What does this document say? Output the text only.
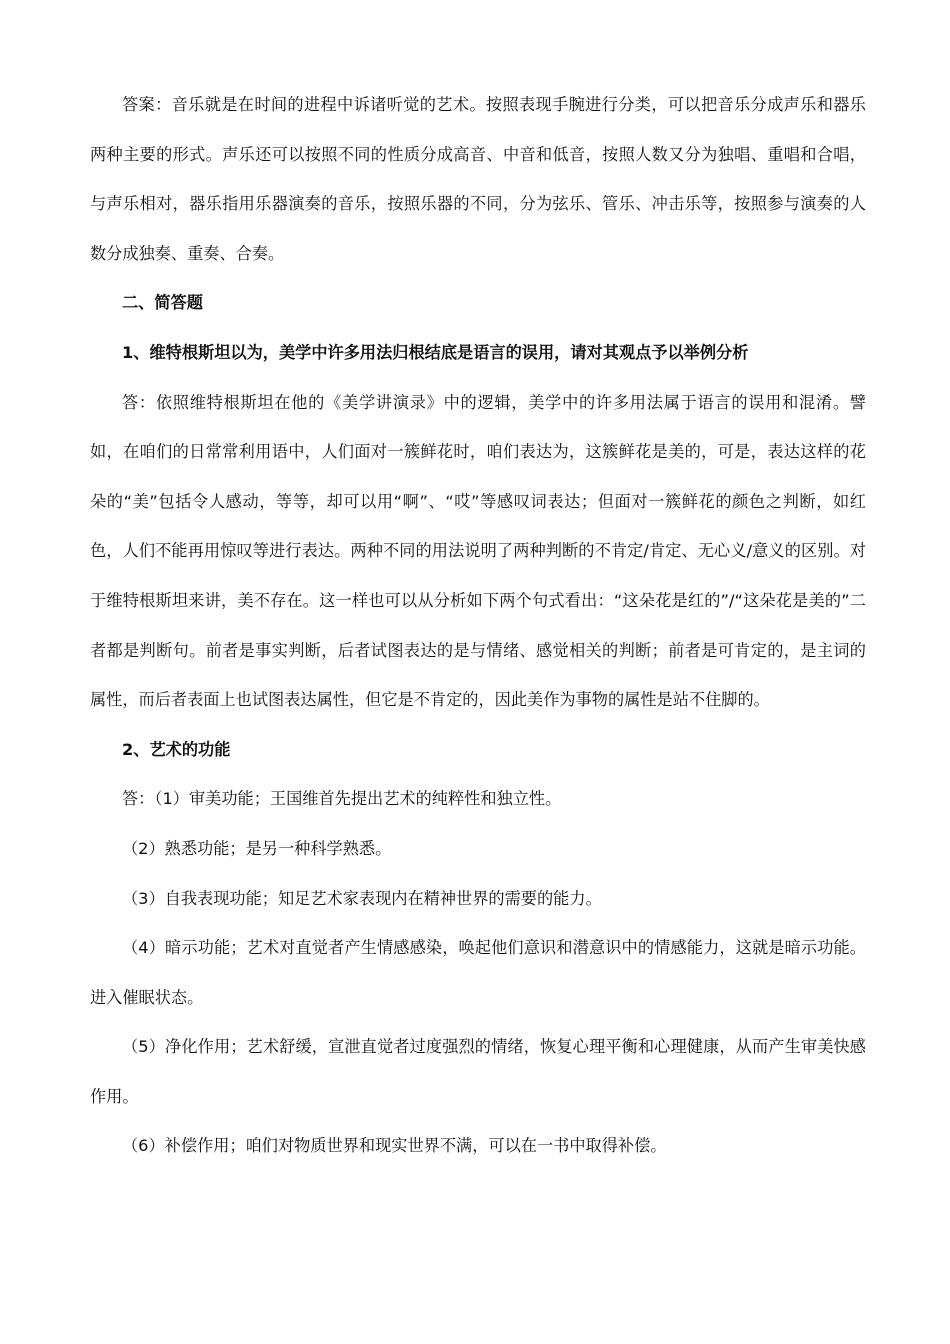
答案：音乐就是在时间的进程中诉诸听觉的艺术。按照表现手腕进行分类，可以把音乐分成声乐和器乐两种主要的形式。声乐还可以按照不同的性质分成高音、中音和低音，按照人数又分为独唱、重唱和合唱，与声乐相对，器乐指用乐器演奏的音乐，按照乐器的不同，分为弦乐、管乐、冲击乐等，按照参与演奏的人数分成独奏、重奏、合奏。

二、简答题

1、维特根斯坦以为，美学中许多用法归根结底是语言的误用，请对其观点予以举例分析

答：依照维特根斯坦在他的《美学讲演录》中的逻辑，美学中的许多用法属于语言的误用和混淆。譬如，在咱们的日常常利用语中，人们面对一簇鲜花时，咱们表达为，这簇鲜花是美的，可是，表达这样的花朵的“美”包括令人感动，等等，却可以用“啊”、“哎”等感叹词表达；但面对一簇鲜花的颜色之判断，如红色，人们不能再用惊叹等进行表达。两种不同的用法说明了两种判断的不肯定/肯定、无心义/意义的区别。对于维特根斯坦来讲，美不存在。这一样也可以从分析如下两个句式看出：“这朵花是红的”/“这朵花是美的”二者都是判断句。前者是事实判断，后者试图表达的是与情绪、感觉相关的判断；前者是可肯定的，是主词的属性，而后者表面上也试图表达属性，但它是不肯定的，因此美作为事物的属性是站不住脚的。

2、艺术的功能

答：（1）审美功能；王国维首先提出艺术的纯粹性和独立性。

（2）熟悉功能；是另一种科学熟悉。

（3）自我表现功能；知足艺术家表现内在精神世界的需要的能力。

（4）暗示功能；艺术对直觉者产生情感感染，唤起他们意识和潜意识中的情感能力，这就是暗示功能。进入催眠状态。

（5）净化作用；艺术舒缓，宣泄直觉者过度强烈的情绪，恢复心理平衡和心理健康，从而产生审美快感作用。

（6）补偿作用；咱们对物质世界和现实世界不满，可以在一书中取得补偿。
